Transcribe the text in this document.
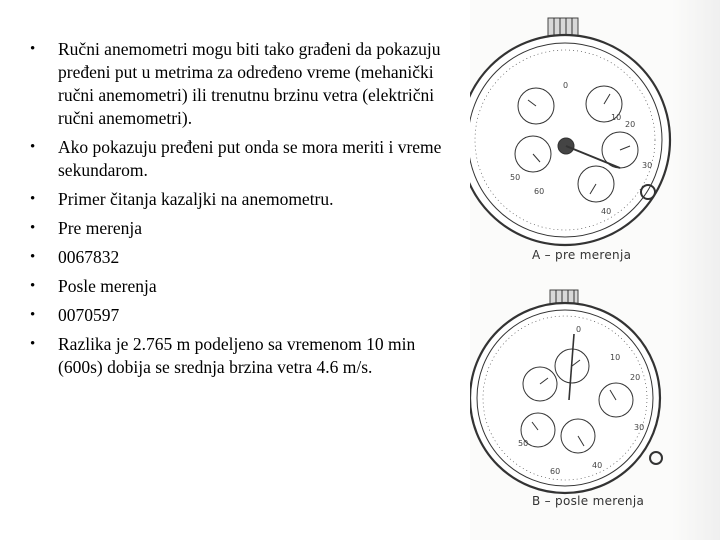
• Ručni anemometri mogu biti tako građeni da pokazuju pređeni put u metrima za određeno vreme (mehanički ručni anemometri) ili trenutnu brzinu vetra (električni ručni anemometri).
• Ako pokazuju pređeni put onda se mora meriti i vreme sekundarom.
• Primer čitanja kazaljki na anemometru.
• Pre merenja
• 0067832
• Posle merenja
• 0070597
• Razlika je 2.765 m podeljeno sa vremenom 10 min (600s) dobija se srednja brzina vetra 4.6 m/s.
0
10
20
30
40
50
60
0
10
20
30
40
50
60
A – pre merenja
B – posle merenja
